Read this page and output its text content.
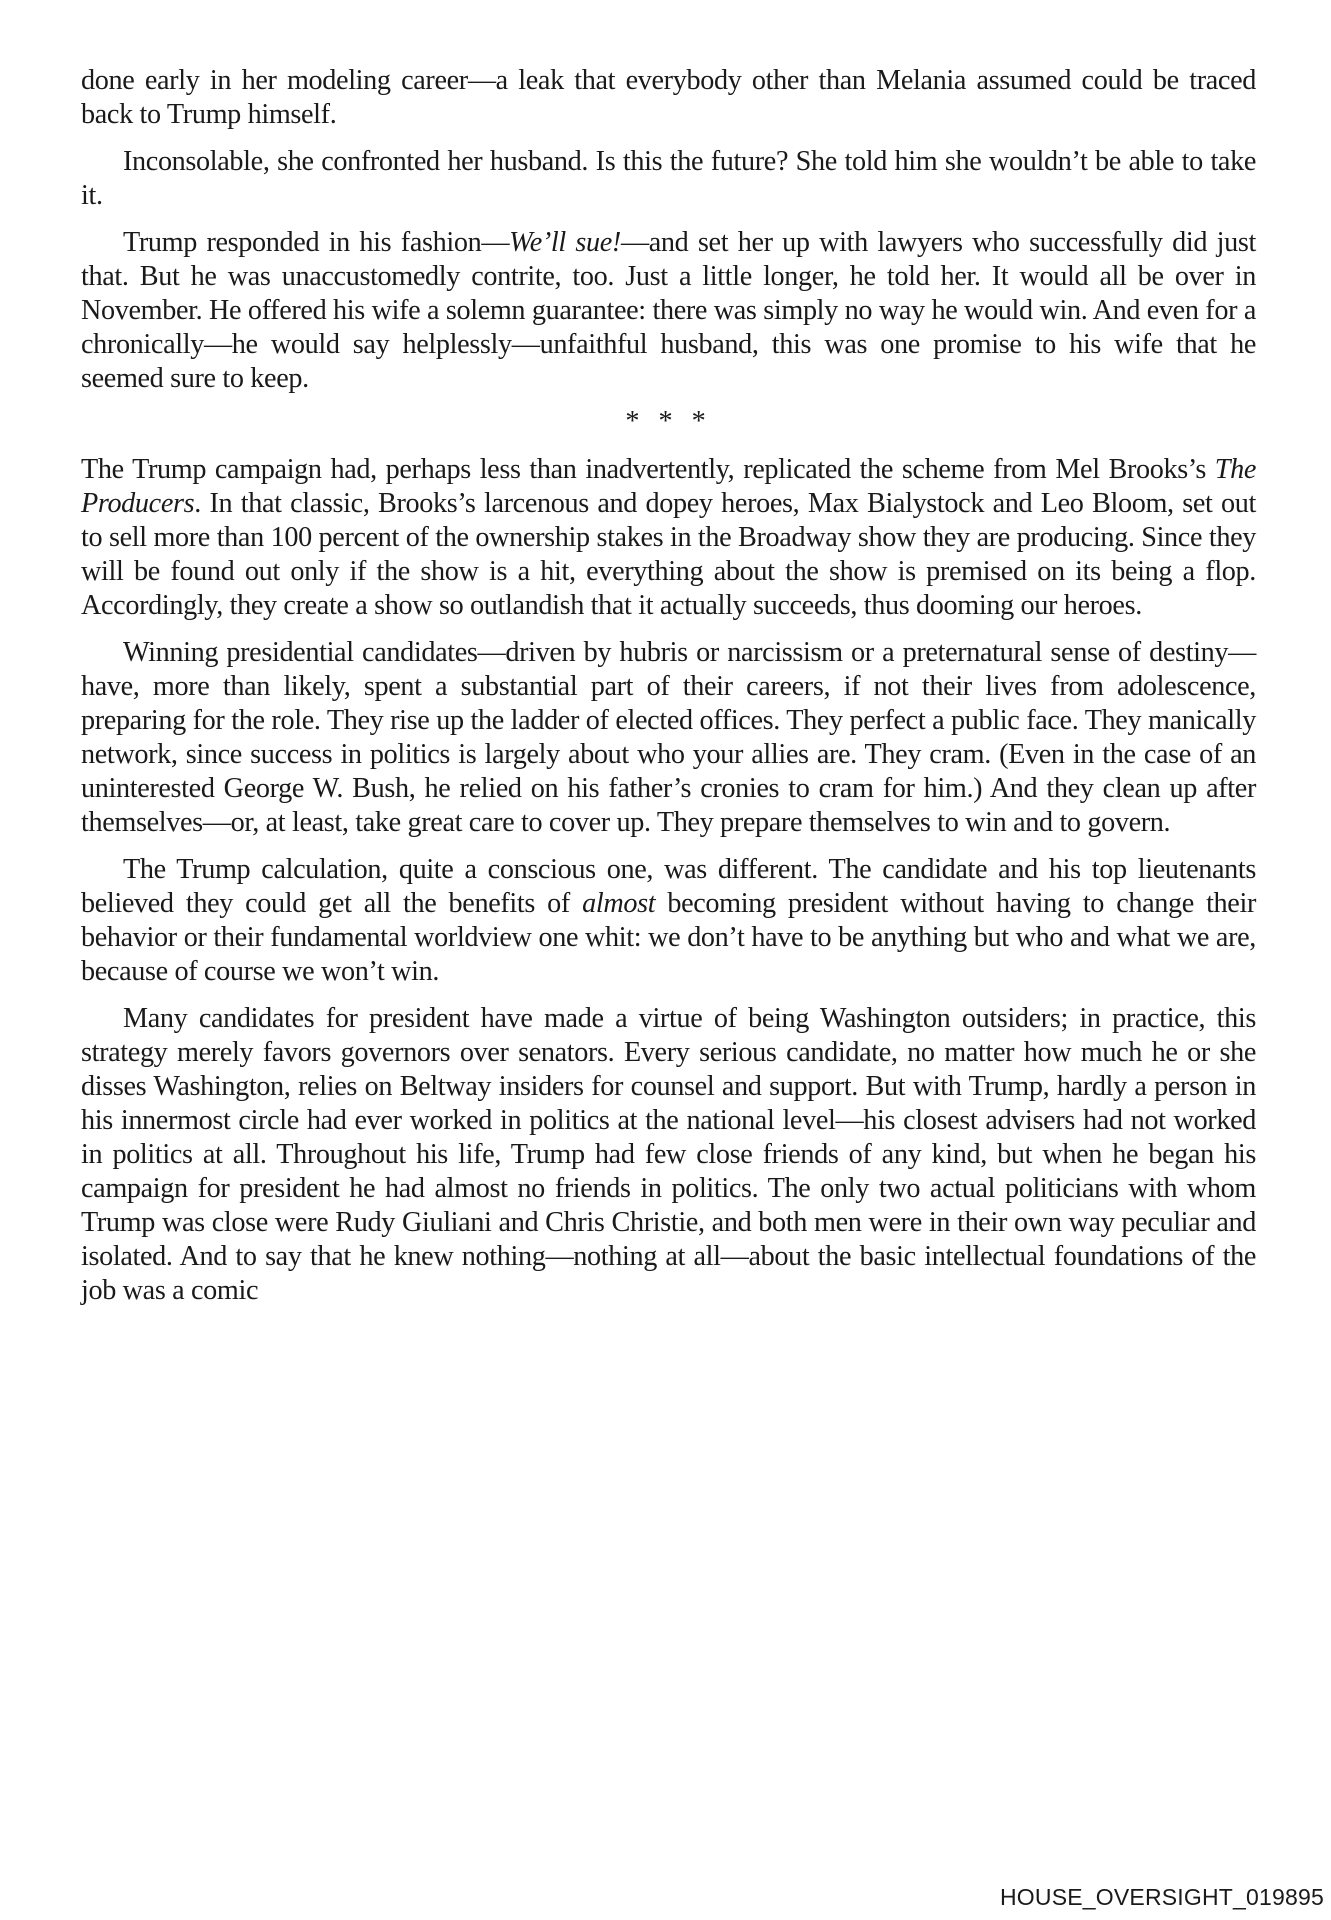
done early in her modeling career—a leak that everybody other than Melania assumed could be traced back to Trump himself.

Inconsolable, she confronted her husband. Is this the future? She told him she wouldn’t be able to take it.

Trump responded in his fashion—We’ll sue!—and set her up with lawyers who successfully did just that. But he was unaccustomedly contrite, too. Just a little longer, he told her. It would all be over in November. He offered his wife a solemn guarantee: there was simply no way he would win. And even for a chronically—he would say helplessly—unfaithful husband, this was one promise to his wife that he seemed sure to keep.

* * *

The Trump campaign had, perhaps less than inadvertently, replicated the scheme from Mel Brooks’s The Producers. In that classic, Brooks’s larcenous and dopey heroes, Max Bialystock and Leo Bloom, set out to sell more than 100 percent of the ownership stakes in the Broadway show they are producing. Since they will be found out only if the show is a hit, everything about the show is premised on its being a flop. Accordingly, they create a show so outlandish that it actually succeeds, thus dooming our heroes.

Winning presidential candidates—driven by hubris or narcissism or a preternatural sense of destiny—have, more than likely, spent a substantial part of their careers, if not their lives from adolescence, preparing for the role. They rise up the ladder of elected offices. They perfect a public face. They manically network, since success in politics is largely about who your allies are. They cram. (Even in the case of an uninterested George W. Bush, he relied on his father’s cronies to cram for him.) And they clean up after themselves—or, at least, take great care to cover up. They prepare themselves to win and to govern.

The Trump calculation, quite a conscious one, was different. The candidate and his top lieutenants believed they could get all the benefits of almost becoming president without having to change their behavior or their fundamental worldview one whit: we don’t have to be anything but who and what we are, because of course we won’t win.

Many candidates for president have made a virtue of being Washington outsiders; in practice, this strategy merely favors governors over senators. Every serious candidate, no matter how much he or she disses Washington, relies on Beltway insiders for counsel and support. But with Trump, hardly a person in his innermost circle had ever worked in politics at the national level—his closest advisers had not worked in politics at all. Throughout his life, Trump had few close friends of any kind, but when he began his campaign for president he had almost no friends in politics. The only two actual politicians with whom Trump was close were Rudy Giuliani and Chris Christie, and both men were in their own way peculiar and isolated. And to say that he knew nothing—nothing at all—about the basic intellectual foundations of the job was a comic

HOUSE_OVERSIGHT_019895
